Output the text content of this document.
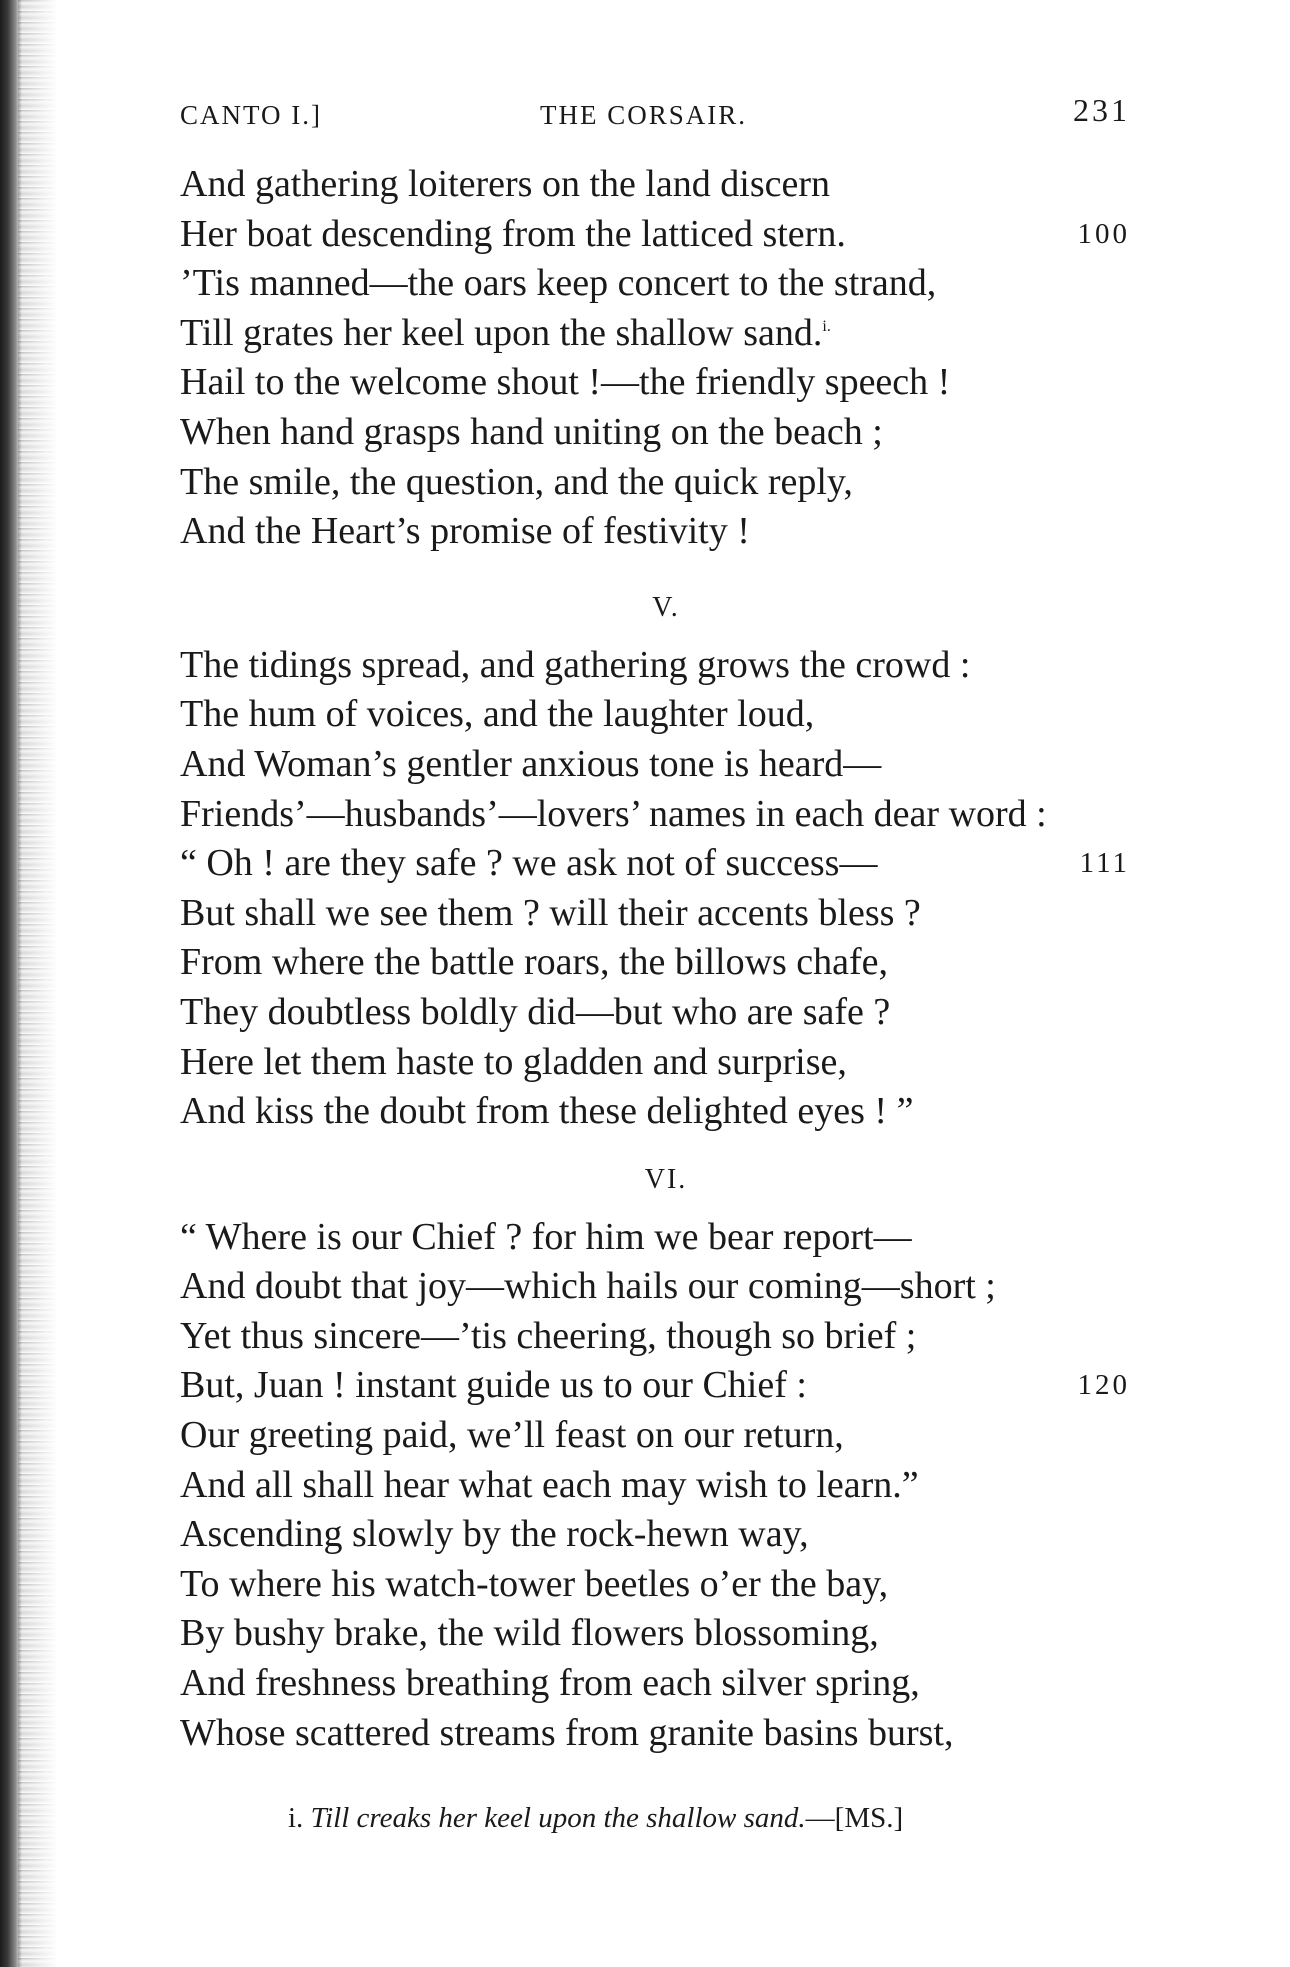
CANTO I.]	THE CORSAIR.	231
And gathering loiterers on the land discern
Her boat descending from the latticed stern.	100
’Tis manned—the oars keep concert to the strand,
Till grates her keel upon the shallow sand.$^{i.}$
Hail to the welcome shout !—the friendly speech !
When hand grasps hand uniting on the beach ;
The smile, the question, and the quick reply,
And the Heart’s promise of festivity !
V.
The tidings spread, and gathering grows the crowd :
The hum of voices, and the laughter loud,
And Woman’s gentler anxious tone is heard—
Friends’—husbands’—lovers’ names in each dear word :
“ Oh ! are they safe ? we ask not of success—	111
But shall we see them ? will their accents bless ?
From where the battle roars, the billows chafe,
They doubtless boldly did—but who are safe ?
Here let them haste to gladden and surprise,
And kiss the doubt from these delighted eyes ! ”
VI.
“ Where is our Chief ? for him we bear report—
And doubt that joy—which hails our coming—short ;
Yet thus sincere—’tis cheering, though so brief ;
But, Juan ! instant guide us to our Chief :	120
Our greeting paid, we’ll feast on our return,
And all shall hear what each may wish to learn.”
Ascending slowly by the rock-hewn way,
To where his watch-tower beetles o’er the bay,
By bushy brake, the wild flowers blossoming,
And freshness breathing from each silver spring,
Whose scattered streams from granite basins burst,
i. Till creaks her keel upon the shallow sand.—[MS.]
